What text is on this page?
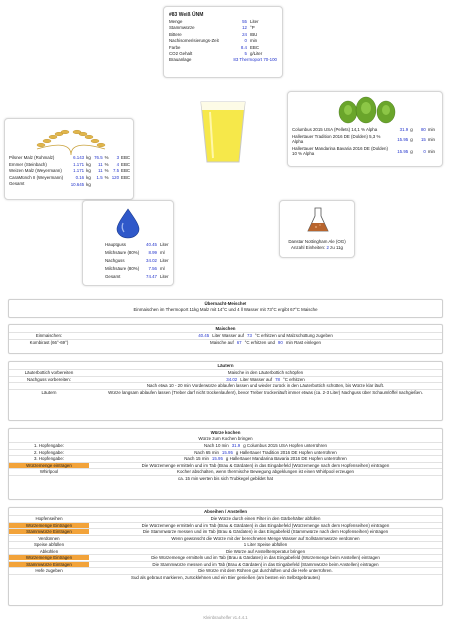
#83 Weiß ÜNM
Menge	55 Liter
Stammwürze	12 °P
Bittere	24 IBU
Nachisomerisierungs-Zeit	0 min
Farbe	8.4 EBC
CO2 Gehalt	5 g/Liter
Brauanlage	83 Thermoport 70-100
Pilsner Malz (Rohmalz)	6.143	kg	76.5	%	3	EBC
Emmer (Steinbach)	1.171	kg	11	%	4	EBC
Weizen Malz (Weyermann)	1.171	kg	11	%	7.5	EBC
CaraMünch II (Weyermann)	0.16	kg	1.5	%	120	EBC
Gesamt	10.645	kg				
Columbus 2015 USA (Pellets) 14,1 % Alpha	31.9	g	80	min
Hallertauer Tradition 2016 DE (Dolden) 5,3 % Alpha	15.95	g	15	min
Hallertauer Mandarina Bavaria 2016 DE (Dolden) 10 % Alpha	15.95	g	0	min
Hauptguss	40.45 Liter
Milchsäure (80%)	8.99 ml
Nachguss	34.02 Liter
Milchsäure (80%)	7.56 ml
Gesamt	74.47 Liter
Danstar Nottingham Ale (OG)
Anzahl Einheiten: 2 zu 11g
Übernacht-Meische!
Einmaischen im Thermoport 11kg Malz mit 14°C und 4 ll Wasser mit 73°C ergibt 67°C Maische
Maischen
Einmaischen:	40.45 Liter Wasser auf 73 °C erhitzen und Malzschüttung zugeben
Kombirast (66°-69°)	Maische auf 67 °C erhitzen und 90 min Rast einlegen
Läutern
Läuterbottich vorbereiten	Maische in den Läuterbottich schöpfen
Nachguss vorbereiten:	34.02 Liter Wasser auf 78 °C erhitzen
Nach etwa 10 - 20 min Vorderwürze ablaufen lassen und wieder zurück in den Läuterbottich schütten, bis Würze klar läuft.
Läutern	Würze langsam ablaufen lassen (Treber darf nicht trockenlaufen!), bevor Treber trockenläuft immer etwas (ca. 2-3 Liter) Nachguss über Schaumlöffel nachgießen.
Würze kochen
Würze zum Kochen bringen
1. Hopfengabe:	Nach 10 min 31.9 g Columbus 2015 USA Hopfen unterrühren
2. Hopfengabe:	Nach 65 min 15.95 g Hallertauer Tradition 2016 DE Hopfen unterrühren
3. Hopfengabe:	Nach 15 min 15.95 g Hallertauer Mandarina Bavaria 2016 DE Hopfen unterrühren
Würzemenge eintragen	Die Würzemenge ermitteln und im Tab (Brau & Gärdaten) in das Eingabefeld (Würzemenge nach dem Hopfenseihen) eintragen
Whirlpool	Kocher abschalten, wenn thermische Bewegung abgeklungen ist einen Whirlpool erzeugen
ca. 15 min werten bis sich Trubkegel gebildet hat
Abseihen / Anstellen
Hopfenseihen	Die Würze durch einen Filter in den Gärbehälter abfüllen
Würzemenge Eintragen	Die Würzemenge ermitteln und im Tab (Brau & Gärdaten) in das Eingabefeld (Würzemenge nach dem Hopfenseihen) eintragen
Stammwürze Eintragen	Die Stammwürze messen und im Tab (Brau & Gärdaten) in das Eingabefeld (Stammwürze nach dem Hopfenseihen) eintragen
Verdünnen	Wenn gewünscht die Würze mit der berechneten Menge Wasser auf Sollstammwürze verdünnen
Speise abfüllen	1 Liter Speise abfüllen
Abkühlen	Die Würze auf Anstelltemperatur bringen
Würzemenge Eintragen	Die Würzemenge ermitteln und im Tab (Brau & Gärdaten) in das Eingabefeld (Würzemenge beim Anstellen) eintragen
Stammwürze Eintragen	Die Stammwürze messen und im Tab (Brau & Gärdaten) in das Eingabefeld (Stammwürze beim Anstellen) eintragen
Hefe zugeben	Die Würze mit dem Rühren gut durchlüften und die Hefe unterrühren.
Sud als gebraut markieren, zurücklehnen und ein Bier genießen (am besten ein Selbstgebrautes)
Kleinbrauhelfer v1.4.4.1
